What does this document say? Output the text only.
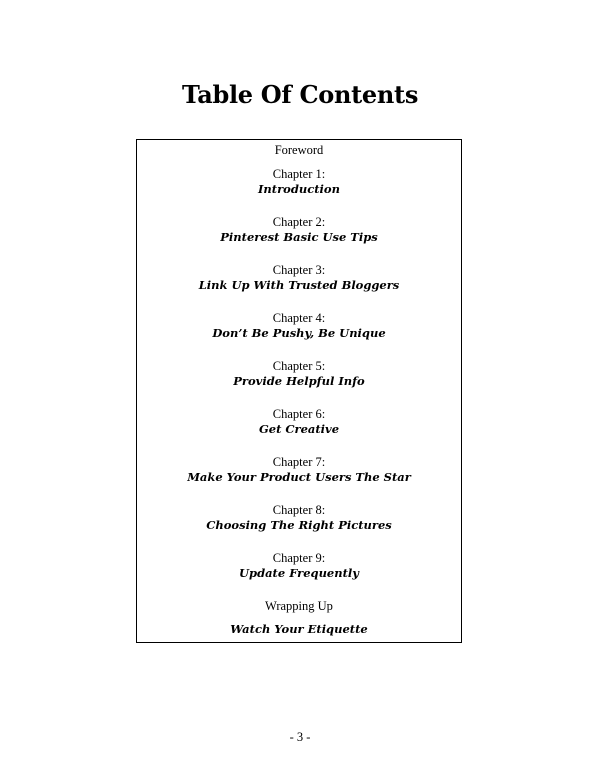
Table Of Contents
Foreword
Chapter 1:
Introduction
Chapter 2:
Pinterest Basic Use Tips
Chapter 3:
Link Up With Trusted Bloggers
Chapter 4:
Don’t Be Pushy, Be Unique
Chapter 5:
Provide Helpful Info
Chapter 6:
Get Creative
Chapter 7:
Make Your Product Users The Star
Chapter 8:
Choosing The Right Pictures
Chapter 9:
Update Frequently
Wrapping Up
Watch Your Etiquette
- 3 -
